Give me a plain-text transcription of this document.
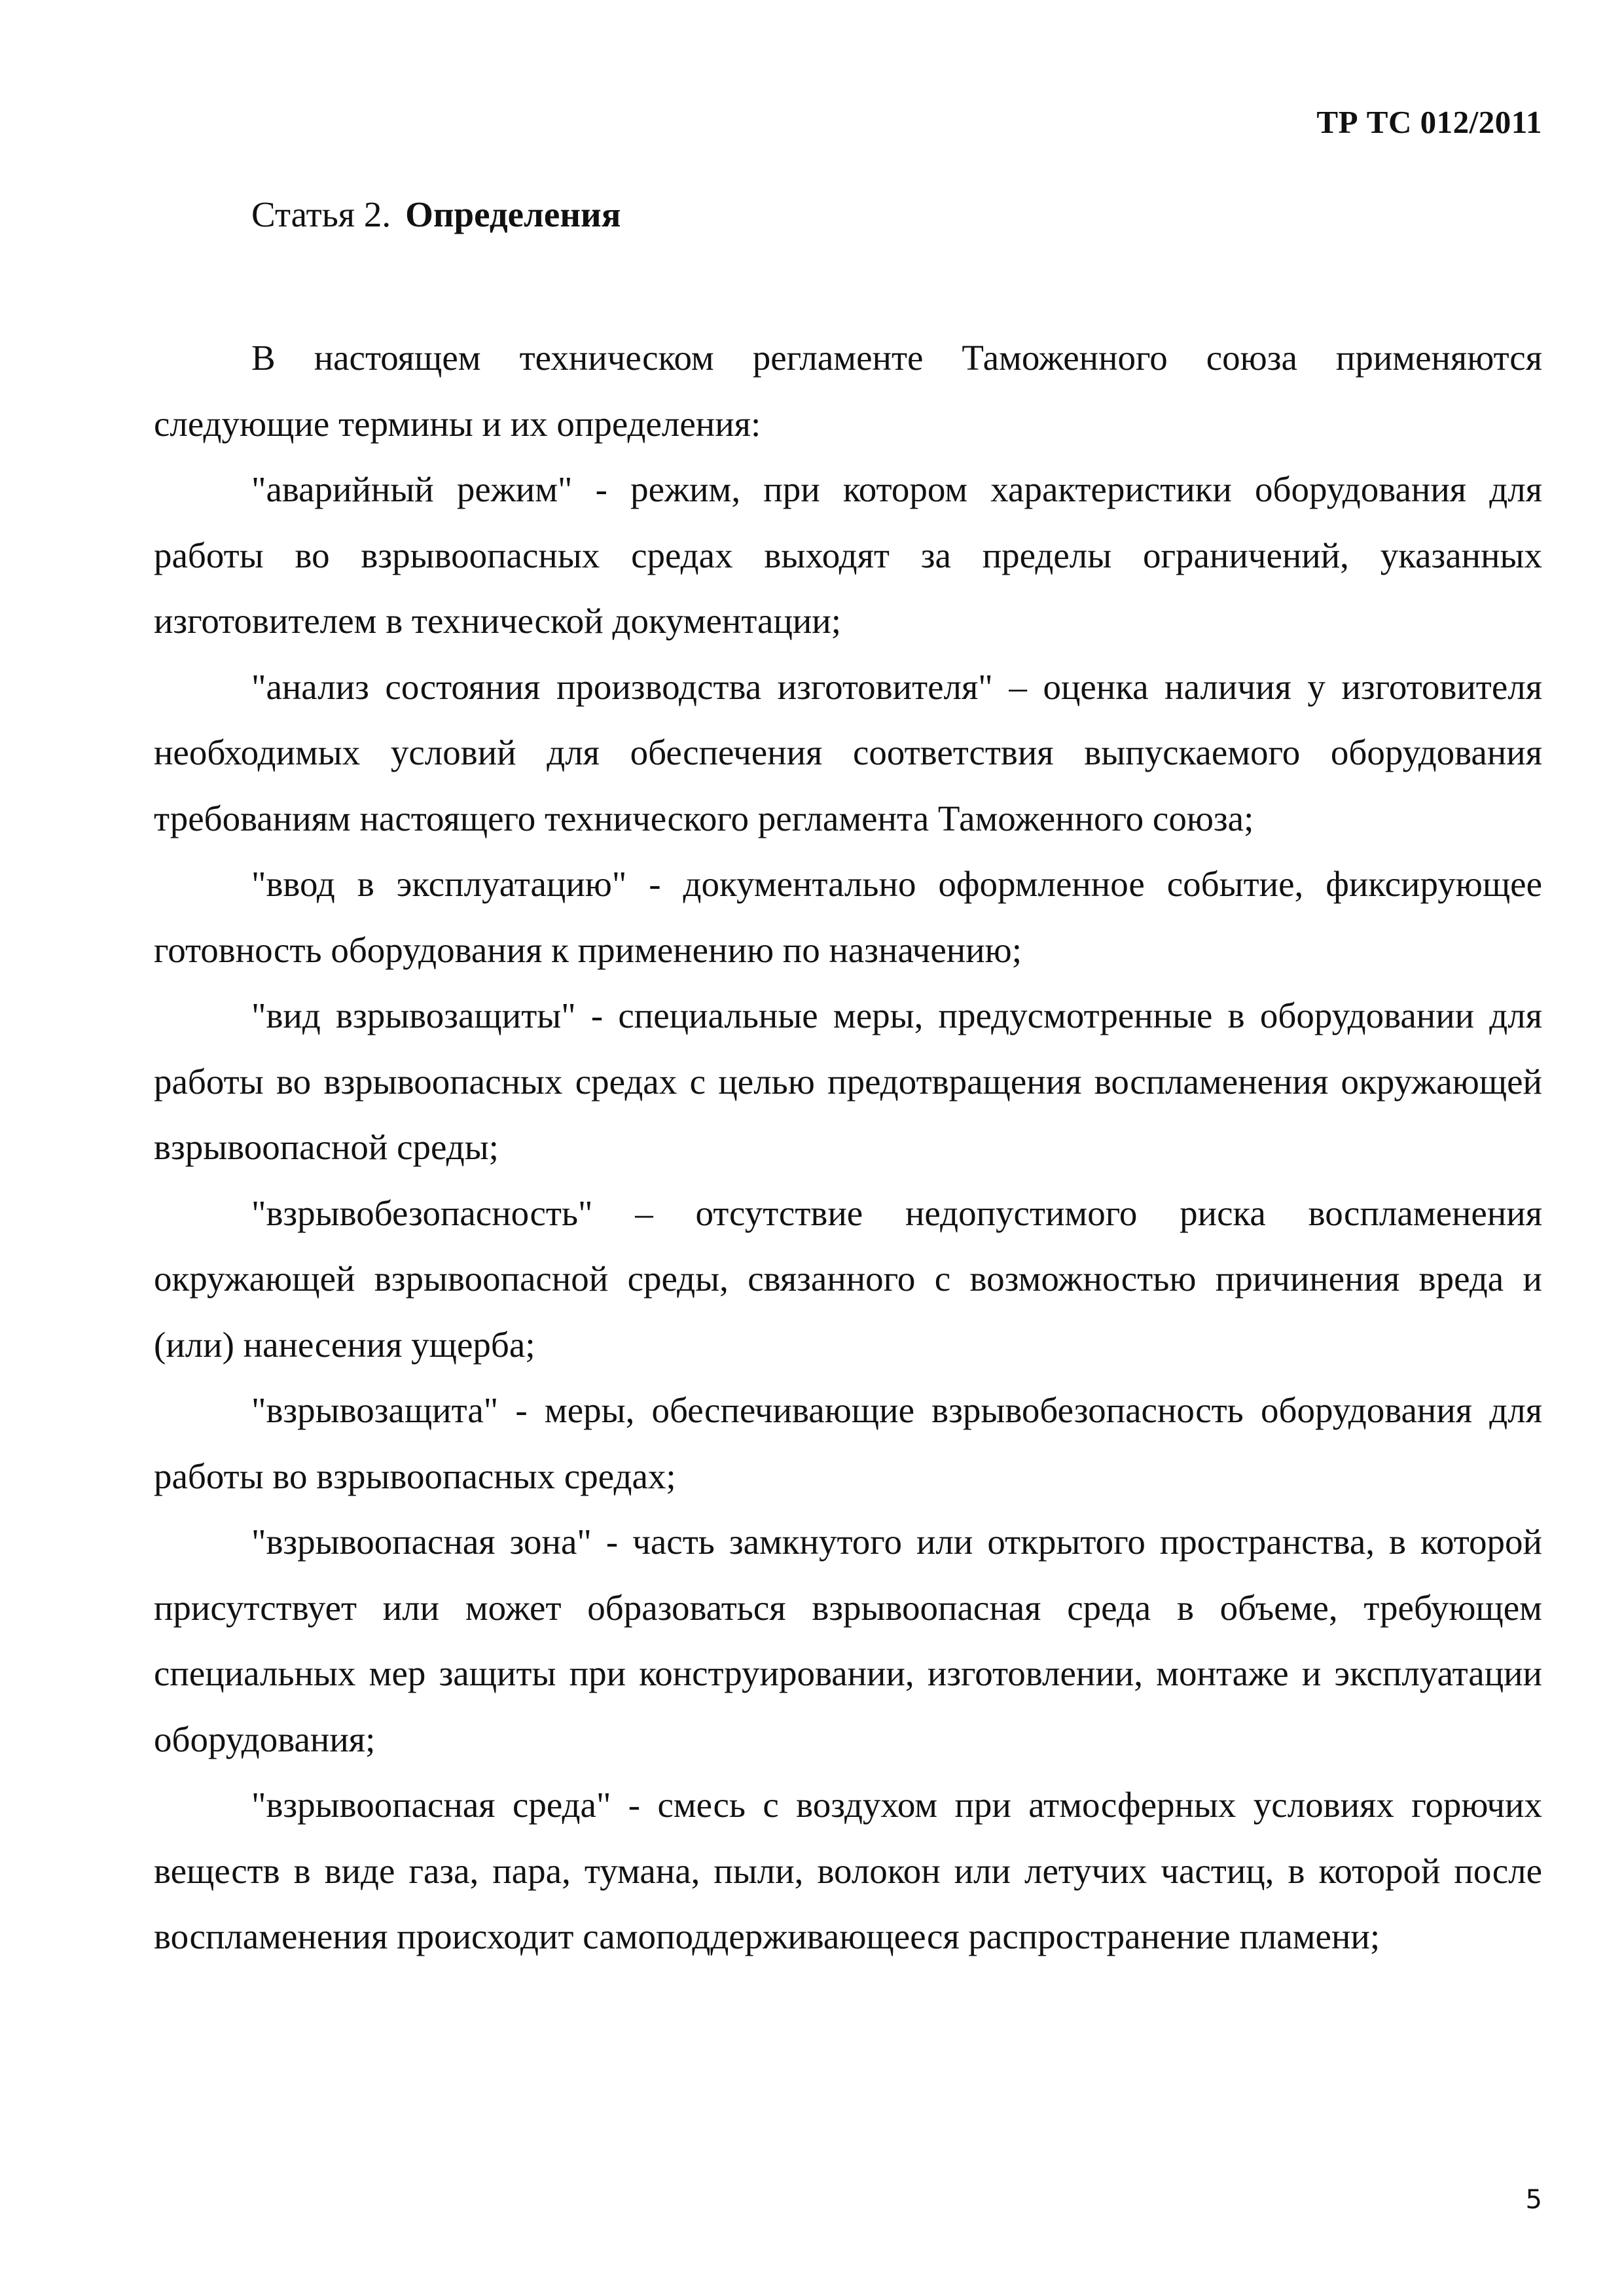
ТР ТС 012/2011
Статья 2. Определения

В настоящем техническом регламенте Таможенного союза применяются следующие термины и их определения:

"аварийный режим" - режим, при котором характеристики оборудования для работы во взрывоопасных средах выходят за пределы ограничений, указанных изготовителем в технической документации;

"анализ состояния производства изготовителя" – оценка наличия у изготовителя необходимых условий для обеспечения соответствия выпускаемого оборудования требованиям настоящего технического регламента Таможенного союза;

"ввод в эксплуатацию" - документально оформленное событие, фиксирующее готовность оборудования к применению по назначению;

"вид взрывозащиты" - специальные меры, предусмотренные в оборудовании для работы во взрывоопасных средах с целью предотвращения воспламенения окружающей взрывоопасной среды;

"взрывобезопасность" – отсутствие недопустимого риска воспламенения окружающей взрывоопасной среды, связанного с возможностью причинения вреда и (или) нанесения ущерба;

"взрывозащита" - меры, обеспечивающие взрывобезопасность оборудования для работы во взрывоопасных средах;

"взрывоопасная зона" - часть замкнутого или открытого пространства, в которой присутствует или может образоваться взрывоопасная среда в объеме, требующем специальных мер защиты при конструировании, изготовлении, монтаже и эксплуатации оборудования;

"взрывоопасная среда" - смесь с воздухом при атмосферных условиях горючих веществ в виде газа, пара, тумана, пыли, волокон или летучих частиц, в которой после воспламенения происходит самоподдерживающееся распространение пламени;

5
